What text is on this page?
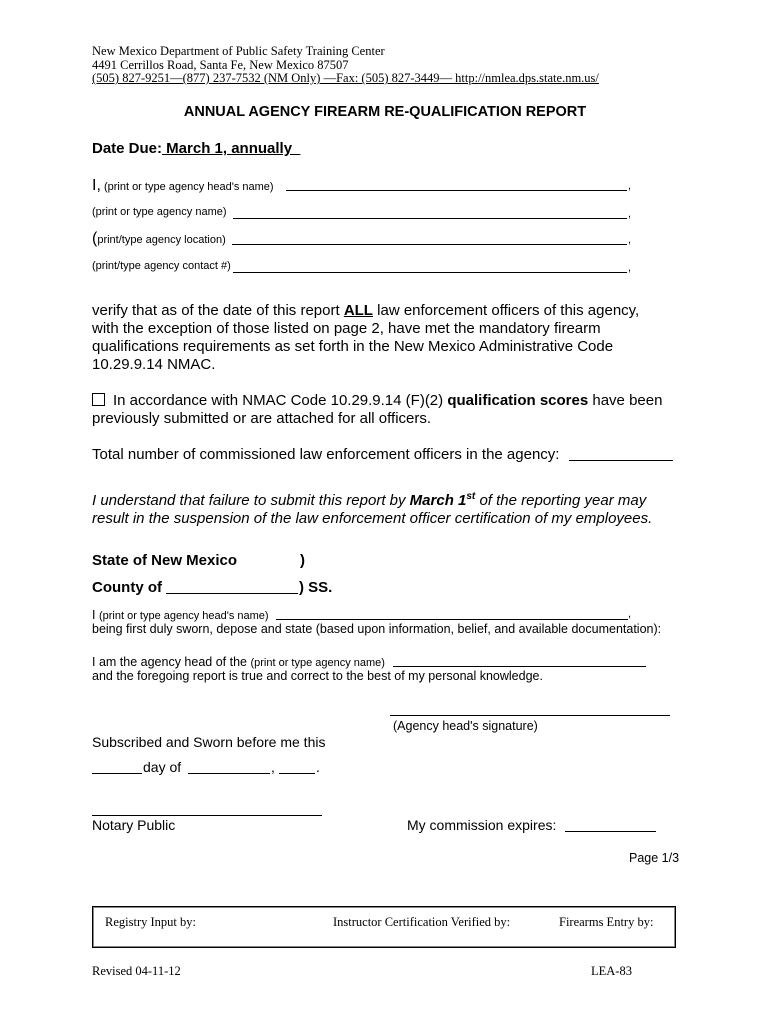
New Mexico Department of Public Safety Training Center
4491 Cerrillos Road, Santa Fe, New Mexico 87507
(505) 827-9251—(877) 237-7532 (NM Only) —Fax: (505) 827-3449— http://nmlea.dps.state.nm.us/
ANNUAL AGENCY FIREARM RE-QUALIFICATION REPORT
Date Due: March 1, annually
I, (print or type agency head's name)	,
(print or type agency name)	,
(print/type agency location)	,
(print/type agency contact #)	,
verify that as of the date of this report ALL law enforcement officers of this agency, with the exception of those listed on page 2, have met the mandatory firearm qualifications requirements as set forth in the New Mexico Administrative Code 10.29.9.14 NMAC.
In accordance with NMAC Code 10.29.9.14 (F)(2) qualification scores have been previously submitted or are attached for all officers.
Total number of commissioned law enforcement officers in the agency:
I understand that failure to submit this report by March 1st of the reporting year may result in the suspension of the law enforcement officer certification of my employees.
State of New Mexico	)
County of	) SS.
I (print or type agency head's name)	,
being first duly sworn, depose and state (based upon information, belief, and available documentation):
I am the agency head of the (print or type agency name)
and the foregoing report is true and correct to the best of my personal knowledge.
(Agency head's signature)
Subscribed and Sworn before me this
day of	,	.
Notary Public	My commission expires:
Page 1/3
Registry Input by:	Instructor Certification Verified by:	Firearms Entry by:
Revised 04-11-12	LEA-83
